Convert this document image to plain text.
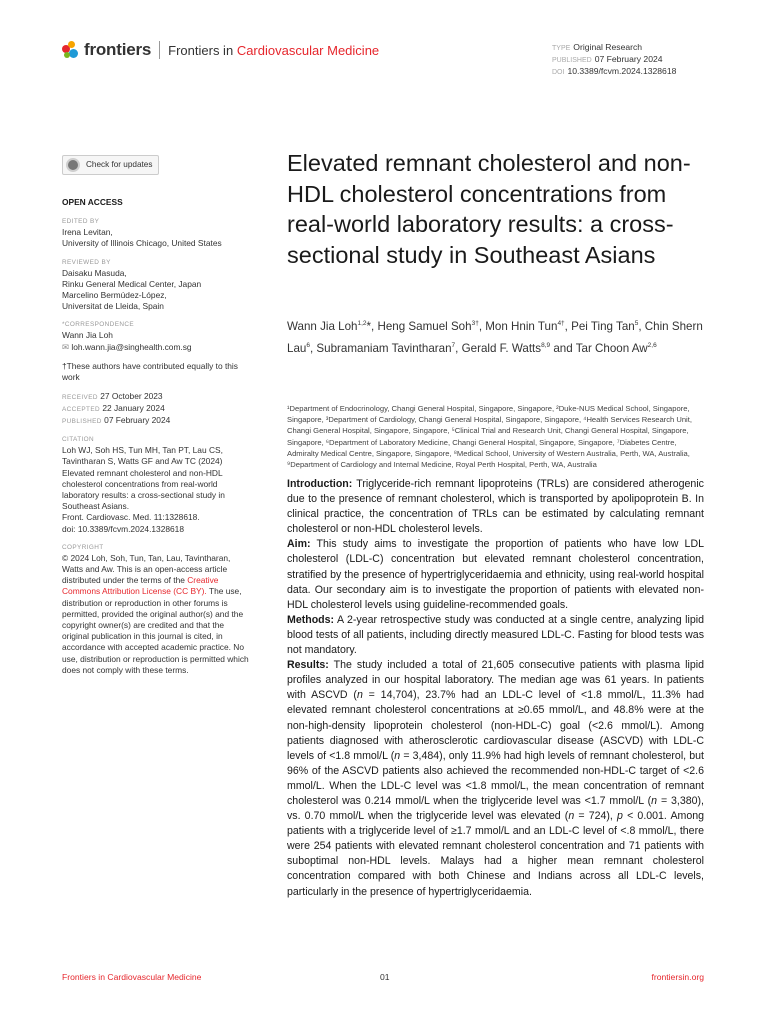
frontiers Frontiers in Cardiovascular Medicine	TYPE Original Research
PUBLISHED 07 February 2024
DOI 10.3389/fcvm.2024.1328618
Check for updates
OPEN ACCESS
EDITED BY
Irena Levitan,
University of Illinois Chicago, United States
REVIEWED BY
Daisaku Masuda,
Rinku General Medical Center, Japan
Marcelino Bermúdez-López,
Universitat de Lleida, Spain
*CORRESPONDENCE
Wann Jia Loh
✉ loh.wann.jia@singhealth.com.sg
†These authors have contributed equally to this work
RECEIVED 27 October 2023
ACCEPTED 22 January 2024
PUBLISHED 07 February 2024
CITATION
Loh WJ, Soh HS, Tun MH, Tan PT, Lau CS, Tavintharan S, Watts GF and Aw TC (2024) Elevated remnant cholesterol and non-HDL cholesterol concentrations from real-world laboratory results: a cross-sectional study in Southeast Asians.
Front. Cardiovasc. Med. 11:1328618.
doi: 10.3389/fcvm.2024.1328618
COPYRIGHT
© 2024 Loh, Soh, Tun, Tan, Lau, Tavintharan, Watts and Aw. This is an open-access article distributed under the terms of the Creative Commons Attribution License (CC BY). The use, distribution or reproduction in other forums is permitted, provided the original author(s) and the copyright owner(s) are credited and that the original publication in this journal is cited, in accordance with accepted academic practice. No use, distribution or reproduction is permitted which does not comply with these terms.
Elevated remnant cholesterol and non-HDL cholesterol concentrations from real-world laboratory results: a cross-sectional study in Southeast Asians
Wann Jia Loh$^{1,2}$*, Heng Samuel Soh$^{3\dagger}$, Mon Hnin Tun$^{4\dagger}$, Pei Ting Tan$^5$, Chin Shern Lau$^6$, Subramaniam Tavintharan$^7$, Gerald F. Watts$^{8,9}$ and Tar Choon Aw$^{2,6}$
¹Department of Endocrinology, Changi General Hospital, Singapore, Singapore, ²Duke-NUS Medical School, Singapore, Singapore, ³Department of Cardiology, Changi General Hospital, Singapore, Singapore, ⁴Health Services Research Unit, Changi General Hospital, Singapore, Singapore, ⁵Clinical Trial and Research Unit, Changi General Hospital, Singapore, Singapore, ⁶Department of Laboratory Medicine, Changi General Hospital, Singapore, Singapore, ⁷Diabetes Centre, Admiralty Medical Centre, Singapore, Singapore, ⁸Medical School, University of Western Australia, Perth, WA, Australia, ⁹Department of Cardiology and Internal Medicine, Royal Perth Hospital, Perth, WA, Australia

Introduction: Triglyceride-rich remnant lipoproteins (TRLs) are considered atherogenic due to the presence of remnant cholesterol, which is transported by apolipoprotein B. In clinical practice, the concentration of TRLs can be estimated by calculating remnant cholesterol or non-HDL cholesterol levels.

Aim: This study aims to investigate the proportion of patients who have low LDL cholesterol (LDL-C) concentration but elevated remnant cholesterol concentration, stratified by the presence of hypertriglyceridaemia and ethnicity, using real-world hospital data. Our secondary aim is to investigate the proportion of patients with elevated non-HDL cholesterol levels using guideline-recommended goals.

Methods: A 2-year retrospective study was conducted at a single centre, analyzing lipid blood tests of all patients, including directly measured LDL-C. Fasting for blood tests was not mandatory.

Results: The study included a total of 21,605 consecutive patients with plasma lipid profiles analyzed in our hospital laboratory. The median age was 61 years. In patients with ASCVD (n = 14,704), 23.7% had an LDL-C level of <1.8 mmol/L, 11.3% had elevated remnant cholesterol concentrations at ≥0.65 mmol/L, and 48.8% were at the non-high-density lipoprotein cholesterol (non-HDL-C) goal (<2.6 mmol/L). Among patients diagnosed with atherosclerotic cardiovascular disease (ASCVD) with LDL-C levels of <1.8 mmol/L (n = 3,484), only 11.9% had high levels of remnant cholesterol, but 96% of the ASCVD patients also achieved the recommended non-HDL-C target of <2.6 mmol/L. When the LDL-C level was <1.8 mmol/L, the mean concentration of remnant cholesterol was 0.214 mmol/L when the triglyceride level was <1.7 mmol/L (n = 3,380), vs. 0.70 mmol/L when the triglyceride level was elevated (n = 724), p < 0.001. Among patients with a triglyceride level of ≥1.7 mmol/L and an LDL-C level of <.8 mmol/L, there were 254 patients with elevated remnant cholesterol concentration and 71 patients with suboptimal non-HDL levels. Malays had a higher mean remnant cholesterol concentration compared with both Chinese and Indians across all LDL-C levels, particularly in the presence of hypertriglyceridaemia.

Frontiers in Cardiovascular Medicine	01	frontiersin.org
